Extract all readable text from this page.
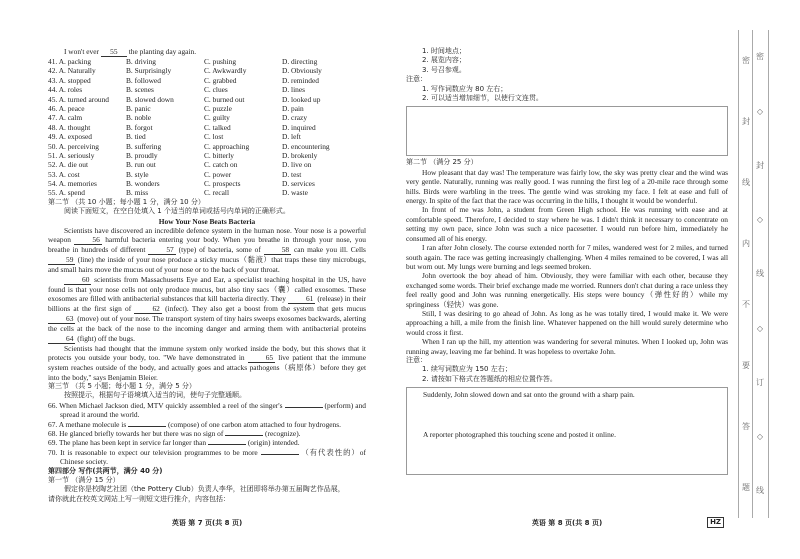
I won't ever 55 the planting day again.
41. A. packing	B. driving	C. pushing	D. directing
42. A. Naturally	B. Surprisingly	C. Awkwardly	D. Obviously
43. A. stopped	B. followed	C. grabbed	D. reminded
44. A. roles	B. scenes	C. clues	D. lines
45. A. turned around	B. slowed down	C. burned out	D. looked up
46. A. peace	B. panic	C. puzzle	D. pain
47. A. calm	B. noble	C. guilty	D. crazy
48. A. thought	B. forgot	C. talked	D. inquired
49. A. exposed	B. tied	C. lost	D. left
50. A. perceiving	B. suffering	C. approaching	D. encountering
51. A. seriously	B. proudly	C. bitterly	D. brokenly
52. A. die out	B. run out	C. catch on	D. live on
53. A. cost	B. style	C. power	D. test
54. A. memories	B. wonders	C. prospects	D. services
55. A. spend	B. miss	C. recall	D. waste
第二节 （共 10 小题；每小题 1 分，满分 10 分）
阅读下面短文，在空白处填入 1 个适当的单词或括号内单词的正确形式。
How Your Nose Beats Bacteria

Scientists have discovered an incredible defence system in the human nose. Your nose is a powerful weapon	56 harmful bacteria entering your body. When you breathe in through your nose, you breathe in hundreds of different	57 (type) of bacteria, some of	58 can make you ill. Cells 59 (line) the inside of your nose produce a sticky mucus（黏液）that traps these tiny microbugs, and small hairs move the mucus out of your nose or to the back of your throat.

60 scientists from Massachusetts Eye and Ear, a specialist teaching hospital in the US, have found is that your nose cells not only produce mucus, but also tiny sacs（囊）called exosomes. These exosomes are filled with antibacterial substances that kill bacteria directly. They	61 (release) in their billions at the first sign of	62 (infect). They also get a boost from the system that gets mucus 63 (move) out of your nose. The transport system of tiny hairs sweeps exosomes backwards, alerting the cells at the back of the nose to the incoming danger and arming them with antibacterial proteins 64 (fight) off the bugs.

Scientists had thought that the immune system only worked inside the body, but this shows that it protects you outside your body, too. "We have demonstrated in	65 live patient that the immune system reaches outside of the body, and actually goes and attacks pathogens（病原体）before they get into the body," says Benjamin Bleier.

第三节 （共 5 小题；每小题 1 分，满分 5 分）
按照提示，根据句子语境填入适当的词，使句子完整通顺。
66. When Michael Jackson died, MTV quickly assembled a reel of the singer's	(perform) and spread it around the world.
67. A methane molecule is	(compose) of one carbon atom attached to four hydrogens.
68. He glanced briefly towards her but there was no sign of	(recognize).
69. The plane has been kept in service far longer than	(origin) intended.
70. It is reasonable to expect our television programmes to be more	（有代表性的）of Chinese society.
第四部分 写作(共两节，满分 40 分)
第一节 （满分 15 分）
假定你是校陶艺社团（the Pottery Club）负责人李华，社团即将举办第五届陶艺作品展，
请你就此在校英文网站上写一则短文进行推介，内容包括：
英语 第 7 页(共 8 页)
1. 时间地点；
2. 展览内容；
3. 号召参观。
注意：
1. 写作词数应为 80 左右；
2. 可以适当增加细节，以使行文连贯。
第二节 （满分 25 分）

How pleasant that day was! The temperature was fairly low, the sky was pretty clear and the wind was very gentle. Naturally, running was really good. I was running the first leg of a 20-mile race through some hills. Birds were warbling in the trees. The gentle wind was stroking my face. I felt at ease and full of energy. In spite of the fact that the race was occurring in the hills, I thought it would be wonderful.

In front of me was John, a student from Green High school. He was running with ease and at comfortable speed. Therefore, I decided to stay where he was. I didn't think it necessary to concentrate on setting my own pace, since John was such a nice pacesetter. I would run before him, immediately he consumed all of his energy.

I ran after John closely. The course extended north for 7 miles, wandered west for 2 miles, and turned south again. The race was getting increasingly challenging. When 4 miles remained to be covered, I was all but worn out. My lungs were burning and legs seemed broken.

John overtook the boy ahead of him. Obviously, they were familiar with each other, because they exchanged some words. Their brief exchange made me worried. Runners don't chat during a race unless they feel really good and John was running energetically. His steps were bouncy（弹性好的）while my springiness（轻快）was gone.

Still, I was desiring to go ahead of John. As long as he was totally tired, I would make it. We were approaching a hill, a mile from the finish line. Whatever happened on the hill would surely determine who would cross it first.

When I ran up the hill, my attention was wandering for several minutes. When I looked up, John was running away, leaving me far behind. It was hopeless to overtake John.

注意：
1. 续写词数应为 150 左右；
2. 请按如下格式在答题纸的相应位置作答。
Suddenly, John slowed down and sat onto the ground with a sharp pain.
A reporter photographed this touching scene and posted it online.
英语 第 8 页(共 8 页)	HZ
密
封
线
内
不
要
答
题
密
◇
封
◇
线
◇
订
◇
线
